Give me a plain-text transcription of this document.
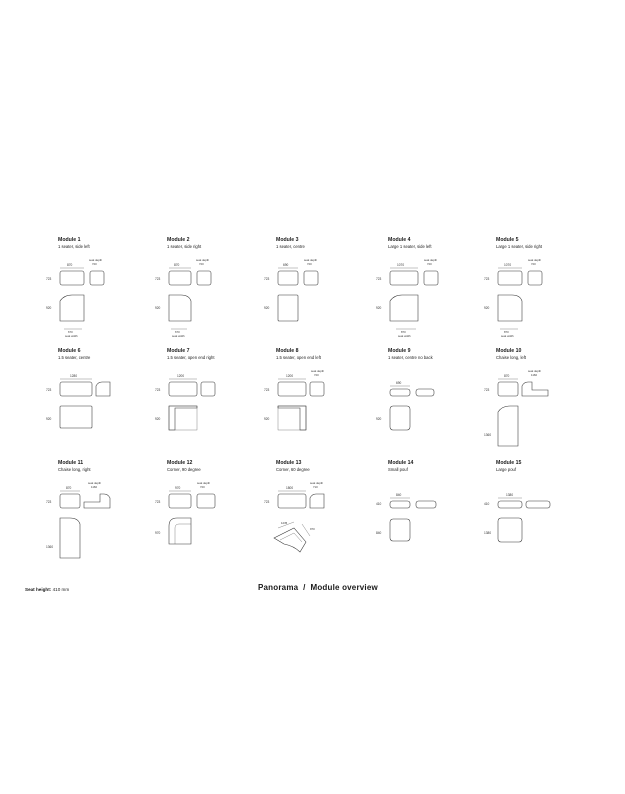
Module 1
1 seater, side left
870
seat depth
720
723
920
670
seat width
Module 2
1 seater, side right
870
seat depth
720
723
920
670
seat width
Module 3
1 seater, centre
690
seat depth
720
723
920
Module 4
Large 1 seater, side left
1070
seat depth
720
723
920
870
seat width
Module 5
Large 1 seater, side right
1070
seat depth
720
723
920
870
seat width
Module 6
1.5 seater, centre
1280
723
920
Module 7
1.5 seater, open end right
1200
723
920
Module 8
1.5 seater, open end left
1200
seat depth
720
723
920
Module 9
1 seater, centre no back
690
920
Module 10
Chaise long, left
870
seat depth
1160
723
1360
Module 11
Chaise long, right
870
seat depth
1160
723
1360
Module 12
Corner, 90 degree
970
seat depth
720
723
970
Module 13
Corner, 60 degree
1800
seat depth
710
723
1235
970
Module 14
Small pouf
840
410
840
Module 15
Large pouf
1380
410
1380
Seat height: 410 mm	Panorama / Module overview
